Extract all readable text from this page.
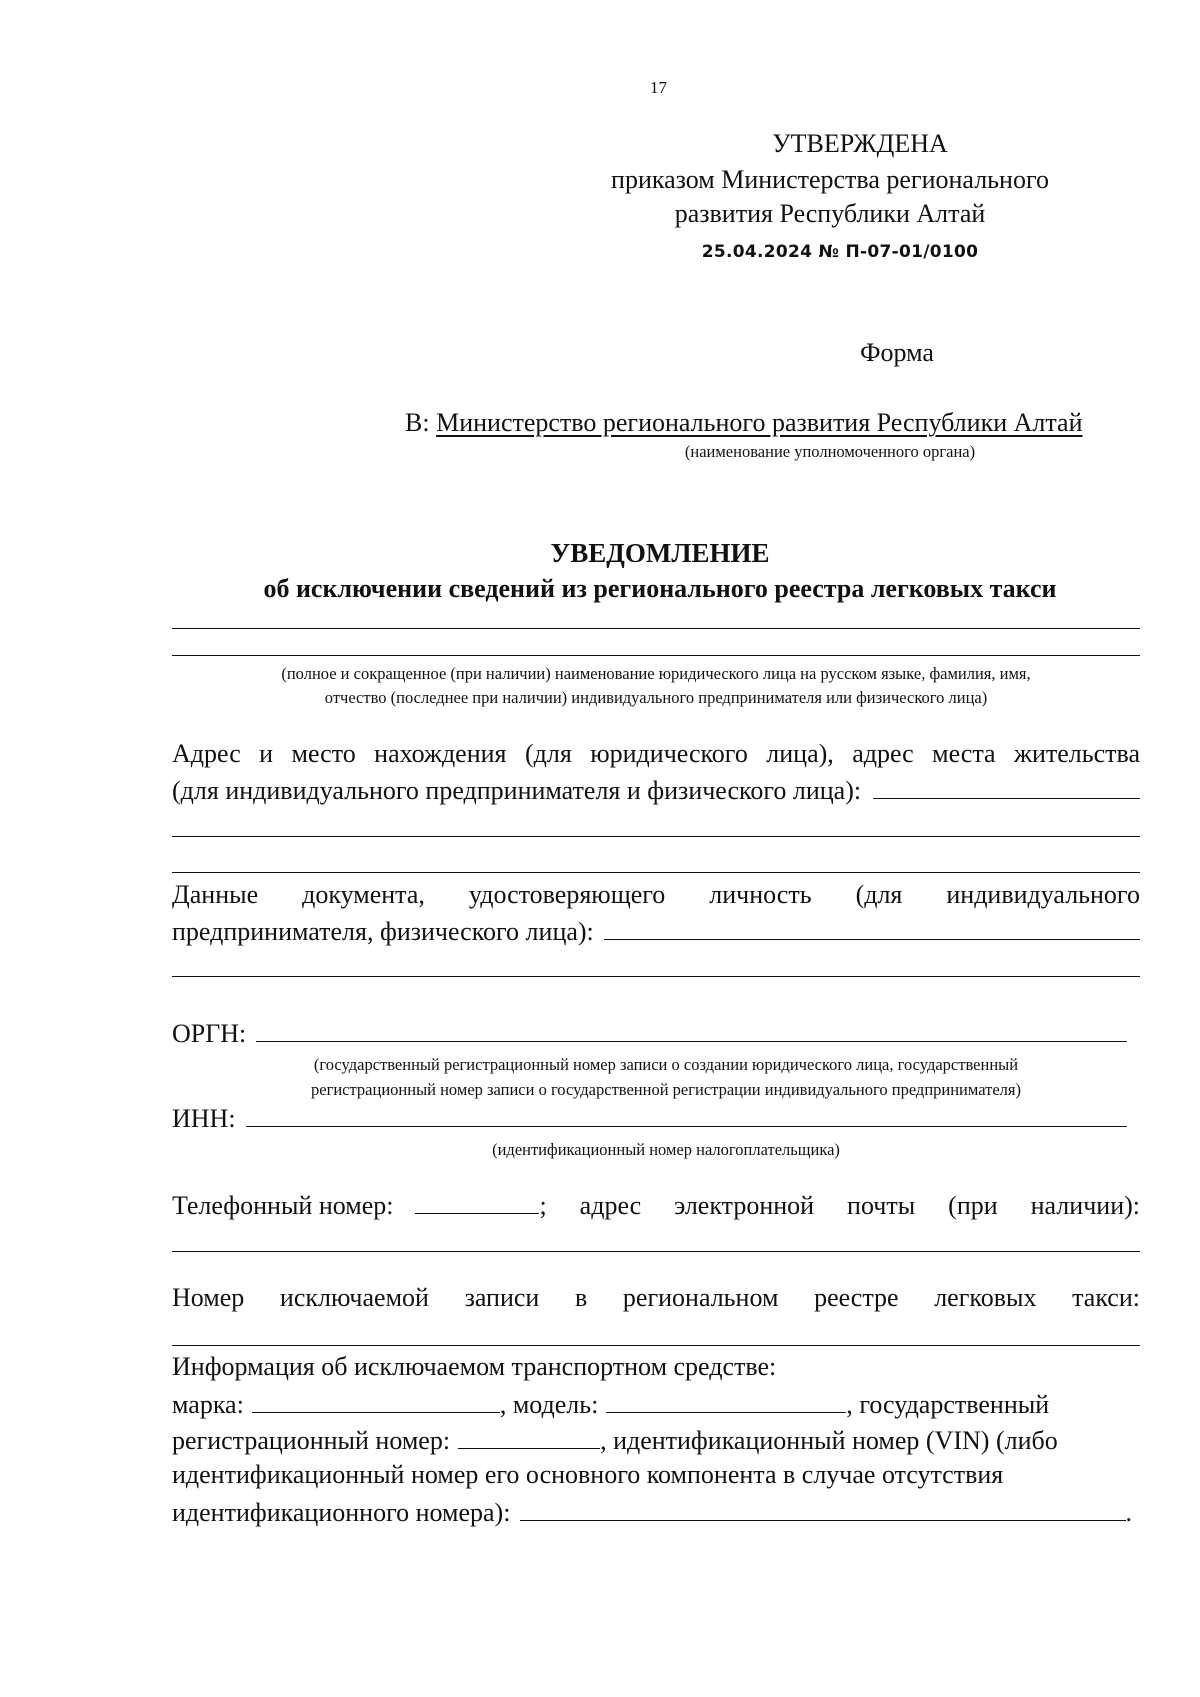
17
УТВЕРЖДЕНА
приказом Министерства регионального
развития Республики Алтай
25.04.2024 № П-07-01/0100
Форма
В: Министерство регионального развития Республики Алтай
(наименование уполномоченного органа)
УВЕДОМЛЕНИЕ
об исключении сведений из регионального реестра легковых такси
(полное и сокращенное (при наличии) наименование юридического лица на русском языке, фамилия, имя,
отчество (последнее при наличии) индивидуального предпринимателя или физического лица)
Адрес и место нахождения (для юридического лица), адрес места жительства
(для индивидуального предпринимателя и физического лица):
Данные документа, удостоверяющего личность (для индивидуального
предпринимателя, физического лица):
ОРГН:
(государственный регистрационный номер записи о создании юридического лица, государственный
регистрационный номер записи о государственной регистрации индивидуального предпринимателя)
ИНН:
(идентификационный номер налогоплательщика)
Телефонный номер:	; адрес электронной почты (при наличии):
Номер исключаемой записи в региональном реестре легковых такси:
Информация об исключаемом транспортном средстве:
марка:	, модель:	, государственный
регистрационный номер:	, идентификационный номер (VIN) (либо
идентификационный номер его основного компонента в случае отсутствия
идентификационного номера):	.
